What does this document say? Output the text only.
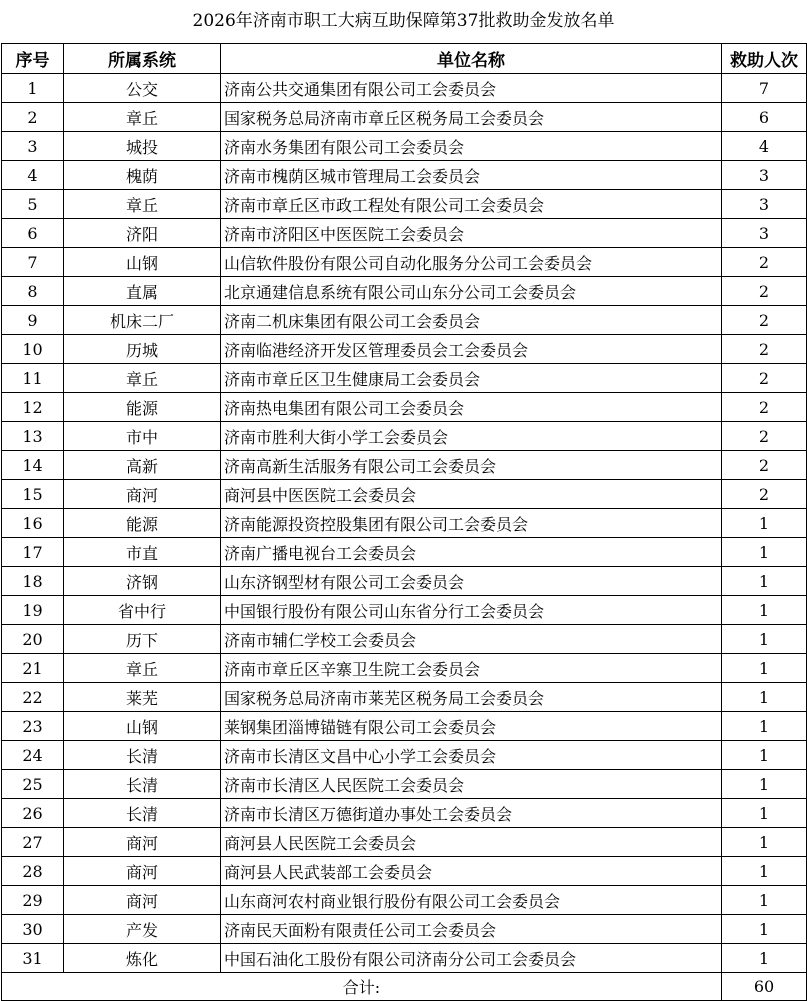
2026年济南市职工大病互助保障第37批救助金发放名单
序号	所属系统	单位名称	救助人次
1	公交	济南公共交通集团有限公司工会委员会	7
2	章丘	国家税务总局济南市章丘区税务局工会委员会	6
3	城投	济南水务集团有限公司工会委员会	4
4	槐荫	济南市槐荫区城市管理局工会委员会	3
5	章丘	济南市章丘区市政工程处有限公司工会委员会	3
6	济阳	济南市济阳区中医医院工会委员会	3
7	山钢	山信软件股份有限公司自动化服务分公司工会委员会	2
8	直属	北京通建信息系统有限公司山东分公司工会委员会	2
9	机床二厂	济南二机床集团有限公司工会委员会	2
10	历城	济南临港经济开发区管理委员会工会委员会	2
11	章丘	济南市章丘区卫生健康局工会委员会	2
12	能源	济南热电集团有限公司工会委员会	2
13	市中	济南市胜利大街小学工会委员会	2
14	高新	济南高新生活服务有限公司工会委员会	2
15	商河	商河县中医医院工会委员会	2
16	能源	济南能源投资控股集团有限公司工会委员会	1
17	市直	济南广播电视台工会委员会	1
18	济钢	山东济钢型材有限公司工会委员会	1
19	省中行	中国银行股份有限公司山东省分行工会委员会	1
20	历下	济南市辅仁学校工会委员会	1
21	章丘	济南市章丘区辛寨卫生院工会委员会	1
22	莱芜	国家税务总局济南市莱芜区税务局工会委员会	1
23	山钢	莱钢集团淄博锚链有限公司工会委员会	1
24	长清	济南市长清区文昌中心小学工会委员会	1
25	长清	济南市长清区人民医院工会委员会	1
26	长清	济南市长清区万德街道办事处工会委员会	1
27	商河	商河县人民医院工会委员会	1
28	商河	商河县人民武装部工会委员会	1
29	商河	山东商河农村商业银行股份有限公司工会委员会	1
30	产发	济南民天面粉有限责任公司工会委员会	1
31	炼化	中国石油化工股份有限公司济南分公司工会委员会	1
合计:			60
